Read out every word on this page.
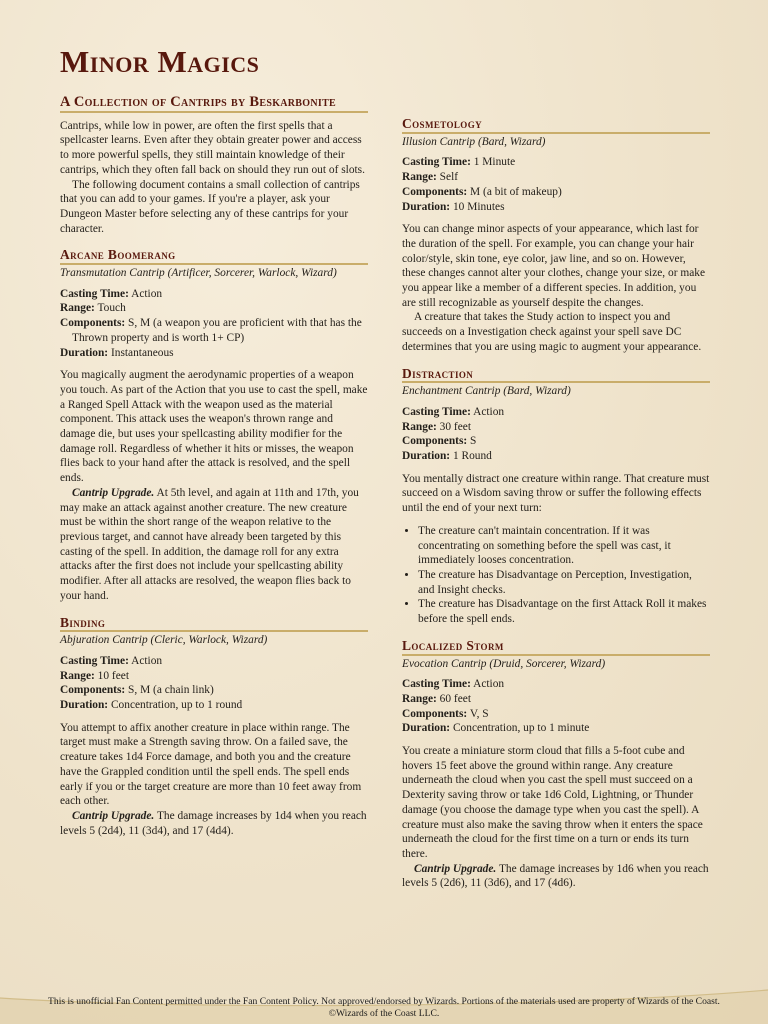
Minor Magics
A Collection of Cantrips by Beskarbonite

Cantrips, while low in power, are often the first spells that a spellcaster learns. Even after they obtain greater power and access to more powerful spells, they still maintain knowledge of their cantrips, which they often fall back on should they run out of slots.

The following document contains a small collection of cantrips that you can add to your games. If you're a player, ask your Dungeon Master before selecting any of these cantrips for your character.

Arcane Boomerang
Transmutation Cantrip (Artificer, Sorcerer, Warlock, Wizard)

Casting Time: Action

Range: Touch

Components: S, M (a weapon you are proficient with that has the Thrown property and is worth 1+ CP)

Duration: Instantaneous

You magically augment the aerodynamic properties of a weapon you touch. As part of the Action that you use to cast the spell, make a Ranged Spell Attack with the weapon used as the material component. This attack uses the weapon's thrown range and damage die, but uses your spellcasting ability modifier for the damage roll. Regardless of whether it hits or misses, the weapon flies back to your hand after the attack is resolved, and the spell ends.

Cantrip Upgrade. At 5th level, and again at 11th and 17th, you may make an attack against another creature. The new creature must be within the short range of the weapon relative to the previous target, and cannot have already been targeted by this casting of the spell. In addition, the damage roll for any extra attacks after the first does not include your spellcasting ability modifier. After all attacks are resolved, the weapon flies back to your hand.

Binding
Abjuration Cantrip (Cleric, Warlock, Wizard)

Casting Time: Action

Range: 10 feet

Components: S, M (a chain link)

Duration: Concentration, up to 1 round

You attempt to affix another creature in place within range. The target must make a Strength saving throw. On a failed save, the creature takes 1d4 Force damage, and both you and the creature have the Grappled condition until the spell ends. The spell ends early if you or the target creature are more than 10 feet away from each other.

Cantrip Upgrade. The damage increases by 1d4 when you reach levels 5 (2d4), 11 (3d4), and 17 (4d4).

Cosmetology
Illusion Cantrip (Bard, Wizard)

Casting Time: 1 Minute

Range: Self

Components: M (a bit of makeup)

Duration: 10 Minutes

You can change minor aspects of your appearance, which last for the duration of the spell. For example, you can change your hair color/style, skin tone, eye color, jaw line, and so on. However, these changes cannot alter your clothes, change your size, or make you appear like a member of a different species. In addition, you are still recognizable as yourself despite the changes.

A creature that takes the Study action to inspect you and succeeds on a Investigation check against your spell save DC determines that you are using magic to augment your appearance.

Distraction
Enchantment Cantrip (Bard, Wizard)

Casting Time: Action

Range: 30 feet

Components: S

Duration: 1 Round

You mentally distract one creature within range. That creature must succeed on a Wisdom saving throw or suffer the following effects until the end of your next turn:

• The creature can't maintain concentration. If it was concentrating on something before the spell was cast, it immediately looses concentration.
• The creature has Disadvantage on Perception, Investigation, and Insight checks.
• The creature has Disadvantage on the first Attack Roll it makes before the spell ends.
Localized Storm
Evocation Cantrip (Druid, Sorcerer, Wizard)

Casting Time: Action

Range: 60 feet

Components: V, S

Duration: Concentration, up to 1 minute

You create a miniature storm cloud that fills a 5-foot cube and hovers 15 feet above the ground within range. Any creature underneath the cloud when you cast the spell must succeed on a Dexterity saving throw or take 1d6 Cold, Lightning, or Thunder damage (you choose the damage type when you cast the spell). A creature must also make the saving throw when it enters the space underneath the cloud for the first time on a turn or ends its turn there.

Cantrip Upgrade. The damage increases by 1d6 when you reach levels 5 (2d6), 11 (3d6), and 17 (4d6).

This is unofficial Fan Content permitted under the Fan Content Policy. Not approved/endorsed by Wizards. Portions of the materials used are property of Wizards of the Coast. ©Wizards of the Coast LLC.
